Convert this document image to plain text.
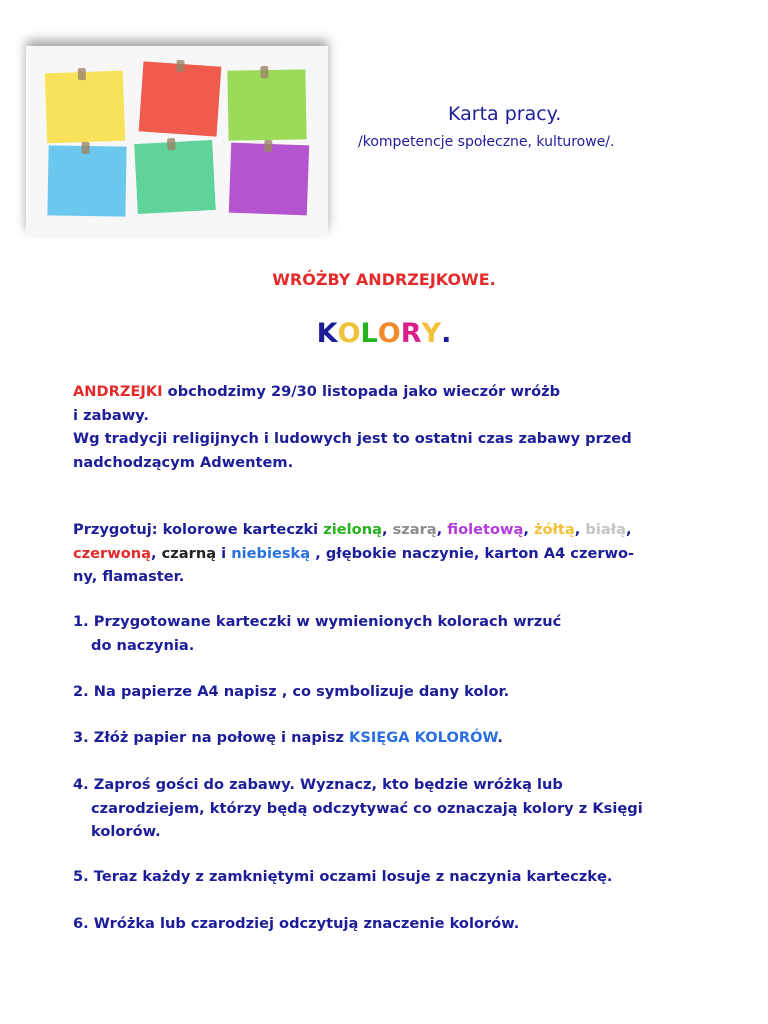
Karta pracy.
/kompetencje społeczne, kulturowe/.
WRÓŻBY ANDRZEJKOWE.
KOLORY.
ANDRZEJKI obchodzimy 29/30 listopada jako wieczór wróżb
i zabawy.
Wg tradycji religijnych i ludowych jest to ostatni czas zabawy przed
nadchodzącym Adwentem.
Przygotuj: kolorowe karteczki zieloną, szarą, fioletową, żółtą, białą,
czerwoną, czarną i niebieską , głębokie naczynie, karton A4 czerwo-
ny, flamaster.
1. Przygotowane karteczki w wymienionych kolorach wrzuć
do naczynia.
2. Na papierze A4 napisz , co symbolizuje dany kolor.
3. Złóż papier na połowę i napisz KSIĘGA KOLORÓW.
4. Zaproś gości do zabawy. Wyznacz, kto będzie wróżką lub
czarodziejem, którzy będą odczytywać co oznaczają kolory z Księgi
kolorów.
5. Teraz każdy z zamkniętymi oczami losuje z naczynia karteczkę.
6. Wróżka lub czarodziej odczytują znaczenie kolorów.
